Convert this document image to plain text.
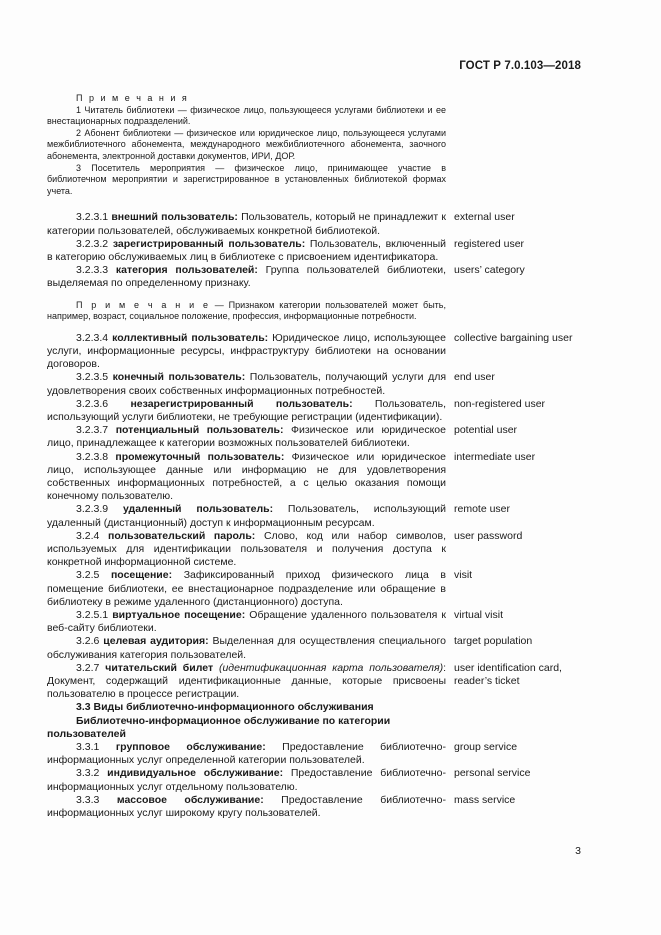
ГОСТ Р 7.0.103—2018

П р и м е ч а н и я

1 Читатель библиотеки — физическое лицо, пользующееся услугами библиотеки и ее внестационарных подразделений.

2 Абонент библиотеки — физическое или юридическое лицо, пользующееся услугами межбиблиотечного абонемента, международного межбиблиотечного абонемента, заочного абонемента, электронной доставки документов, ИРИ, ДОР.

3 Посетитель мероприятия — физическое лицо, принимающее участие в библиотечном мероприятии и зарегистрированное в установленных библиотекой формах учета.

3.2.3.1 внешний пользователь: Пользователь, который не принадлежит к категории пользователей, обслуживаемых конкретной библиотекой.

external user

3.2.3.2 зарегистрированный пользователь: Пользователь, включенный в категорию обслуживаемых лиц в библиотеке с присвоением идентификатора.

registered user

3.2.3.3 категория пользователей: Группа пользователей библиотеки, выделяемая по определенному признаку.

users’ category

П р и м е ч а н и е — Признаком категории пользователей может быть, например, возраст, социальное положение, профессия, информационные потребности.

3.2.3.4 коллективный пользователь: Юридическое лицо, использующее услуги, информационные ресурсы, инфраструктуру библиотеки на основании договоров.

collective bargaining user

3.2.3.5 конечный пользователь: Пользователь, получающий услуги для удовлетворения своих собственных информационных потребностей.

end user

3.2.3.6 незарегистрированный пользователь: Пользователь, использующий услуги библиотеки, не требующие регистрации (идентификации).

non-registered user

3.2.3.7 потенциальный пользователь: Физическое или юридическое лицо, принадлежащее к категории возможных пользователей библиотеки.

potential user

3.2.3.8 промежуточный пользователь: Физическое или юридическое лицо, использующее данные или информацию не для удовлетворения собственных информационных потребностей, а с целью оказания помощи конечному пользователю.

intermediate user

3.2.3.9 удаленный пользователь: Пользователь, использующий удаленный (дистанционный) доступ к информационным ресурсам.

remote user

3.2.4 пользовательский пароль: Слово, код или набор символов, используемых для идентификации пользователя и получения доступа к конкретной информационной системе.

user password

3.2.5 посещение: Зафиксированный приход физического лица в помещение библиотеки, ее внестационарное подразделение или обращение в библиотеку в режиме удаленного (дистанционного) доступа.

visit

3.2.5.1 виртуальное посещение: Обращение удаленного пользователя к веб-сайту библиотеки.

virtual visit

3.2.6 целевая аудитория: Выделенная для осуществления специального обслуживания категория пользователей.

target population

3.2.7 читательский билет (идентификационная карта пользователя): Документ, содержащий идентификационные данные, которые присвоены пользователю в процессе регистрации.

user identification card, reader’s ticket

3.3 Виды библиотечно-информационного обслуживания

Библиотечно-информационное обслуживание по категории пользователей

3.3.1 групповое обслуживание: Предоставление библиотечно-информационных услуг определенной категории пользователей.

group service

3.3.2 индивидуальное обслуживание: Предоставление библиотечно-информационных услуг отдельному пользователю.

personal service

3.3.3 массовое обслуживание: Предоставление библиотечно-информационных услуг широкому кругу пользователей.

mass service
3
